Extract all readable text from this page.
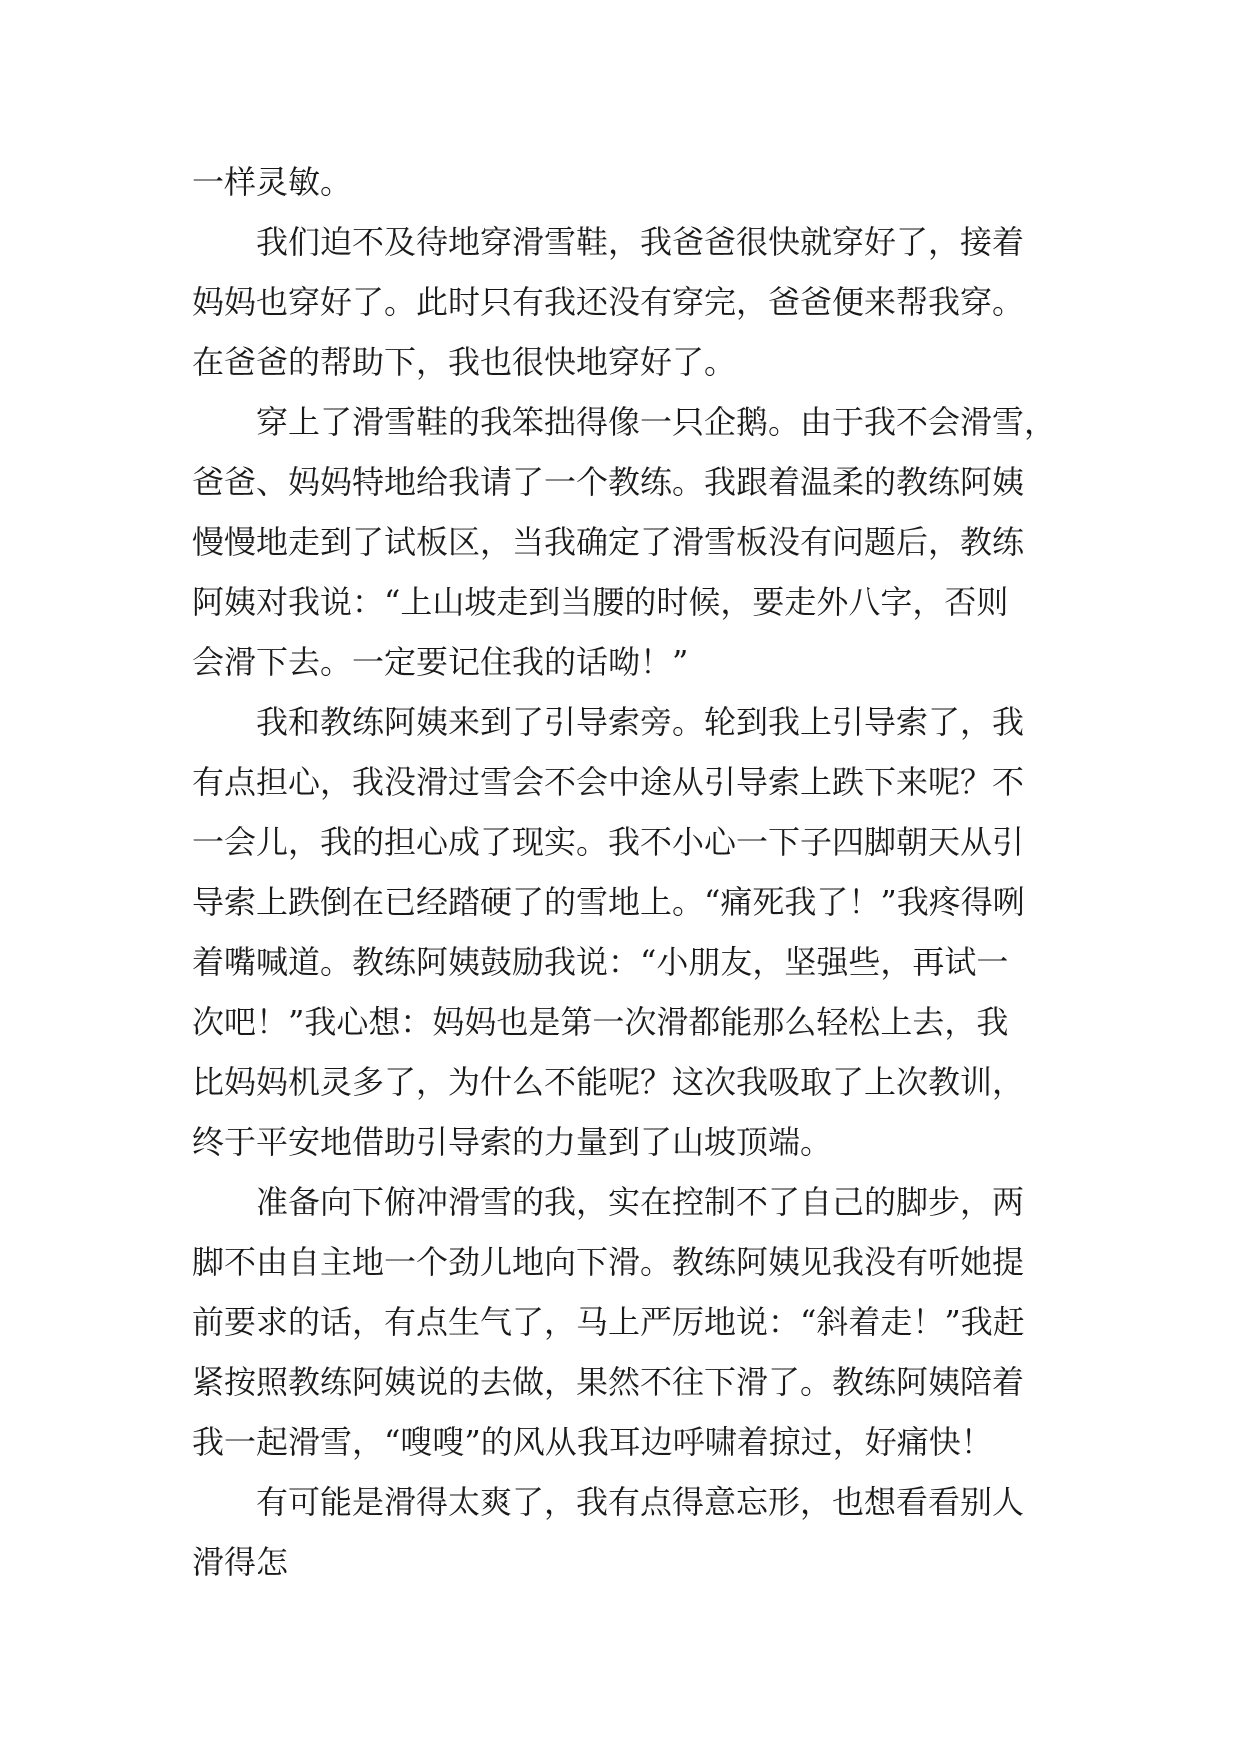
一样灵敏。
我们迫不及待地穿滑雪鞋，我爸爸很快就穿好了，接着
妈妈也穿好了。此时只有我还没有穿完，爸爸便来帮我穿。
在爸爸的帮助下，我也很快地穿好了。
穿上了滑雪鞋的我笨拙得像一只企鹅。由于我不会滑雪，
爸爸、妈妈特地给我请了一个教练。我跟着温柔的教练阿姨
慢慢地走到了试板区，当我确定了滑雪板没有问题后，教练
阿姨对我说：“上山坡走到当腰的时候，要走外八字，否则
会滑下去。一定要记住我的话呦！”
我和教练阿姨来到了引导索旁。轮到我上引导索了，我
有点担心，我没滑过雪会不会中途从引导索上跌下来呢？不
一会儿，我的担心成了现实。我不小心一下子四脚朝天从引
导索上跌倒在已经踏硬了的雪地上。“痛死我了！”我疼得咧
着嘴喊道。教练阿姨鼓励我说：“小朋友，坚强些，再试一
次吧！”我心想：妈妈也是第一次滑都能那么轻松上去，我
比妈妈机灵多了，为什么不能呢？这次我吸取了上次教训，
终于平安地借助引导索的力量到了山坡顶端。
准备向下俯冲滑雪的我，实在控制不了自己的脚步，两
脚不由自主地一个劲儿地向下滑。教练阿姨见我没有听她提
前要求的话，有点生气了，马上严厉地说：“斜着走！”我赶
紧按照教练阿姨说的去做，果然不往下滑了。教练阿姨陪着
我一起滑雪，“嗖嗖”的风从我耳边呼啸着掠过，好痛快！
有可能是滑得太爽了，我有点得意忘形，也想看看别人
滑得怎
